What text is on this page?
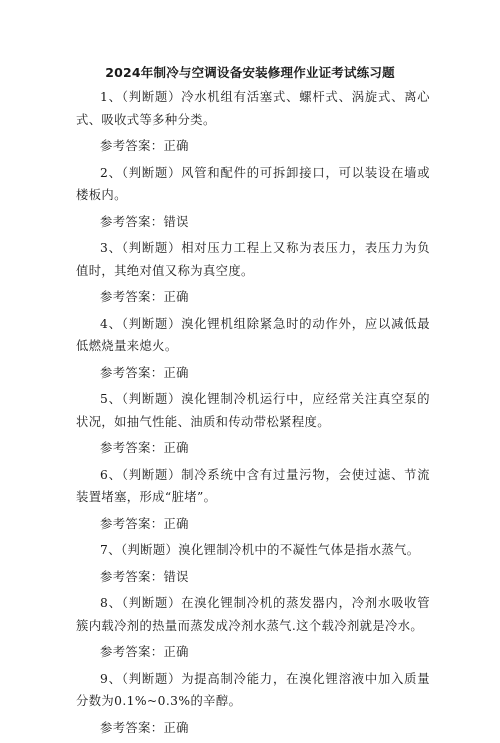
2024年制冷与空调设备安装修理作业证考试练习题

1、（判断题）冷水机组有活塞式、螺杆式、涡旋式、离心式、吸收式等多种分类。

参考答案：正确

2、（判断题）风管和配件的可拆卸接口，可以装设在墙或楼板内。

参考答案：错误

3、（判断题）相对压力工程上又称为表压力，表压力为负值时，其绝对值又称为真空度。

参考答案：正确

4、（判断题）溴化锂机组除紧急时的动作外，应以减低最低燃烧量来熄火。

参考答案：正确

5、（判断题）溴化锂制冷机运行中，应经常关注真空泵的状况，如抽气性能、油质和传动带松紧程度。

参考答案：正确

6、（判断题）制冷系统中含有过量污物，会使过滤、节流装置堵塞，形成“脏堵”。

参考答案：正确

7、（判断题）溴化锂制冷机中的不凝性气体是指水蒸气。

参考答案：错误

8、（判断题）在溴化锂制冷机的蒸发器内，冷剂水吸收管簇内载冷剂的热量而蒸发成冷剂水蒸气.这个载冷剂就是冷水。

参考答案：正确

9、（判断题）为提高制冷能力，在溴化锂溶液中加入质量分数为0.1%~0.3%的辛醇。

参考答案：正确
